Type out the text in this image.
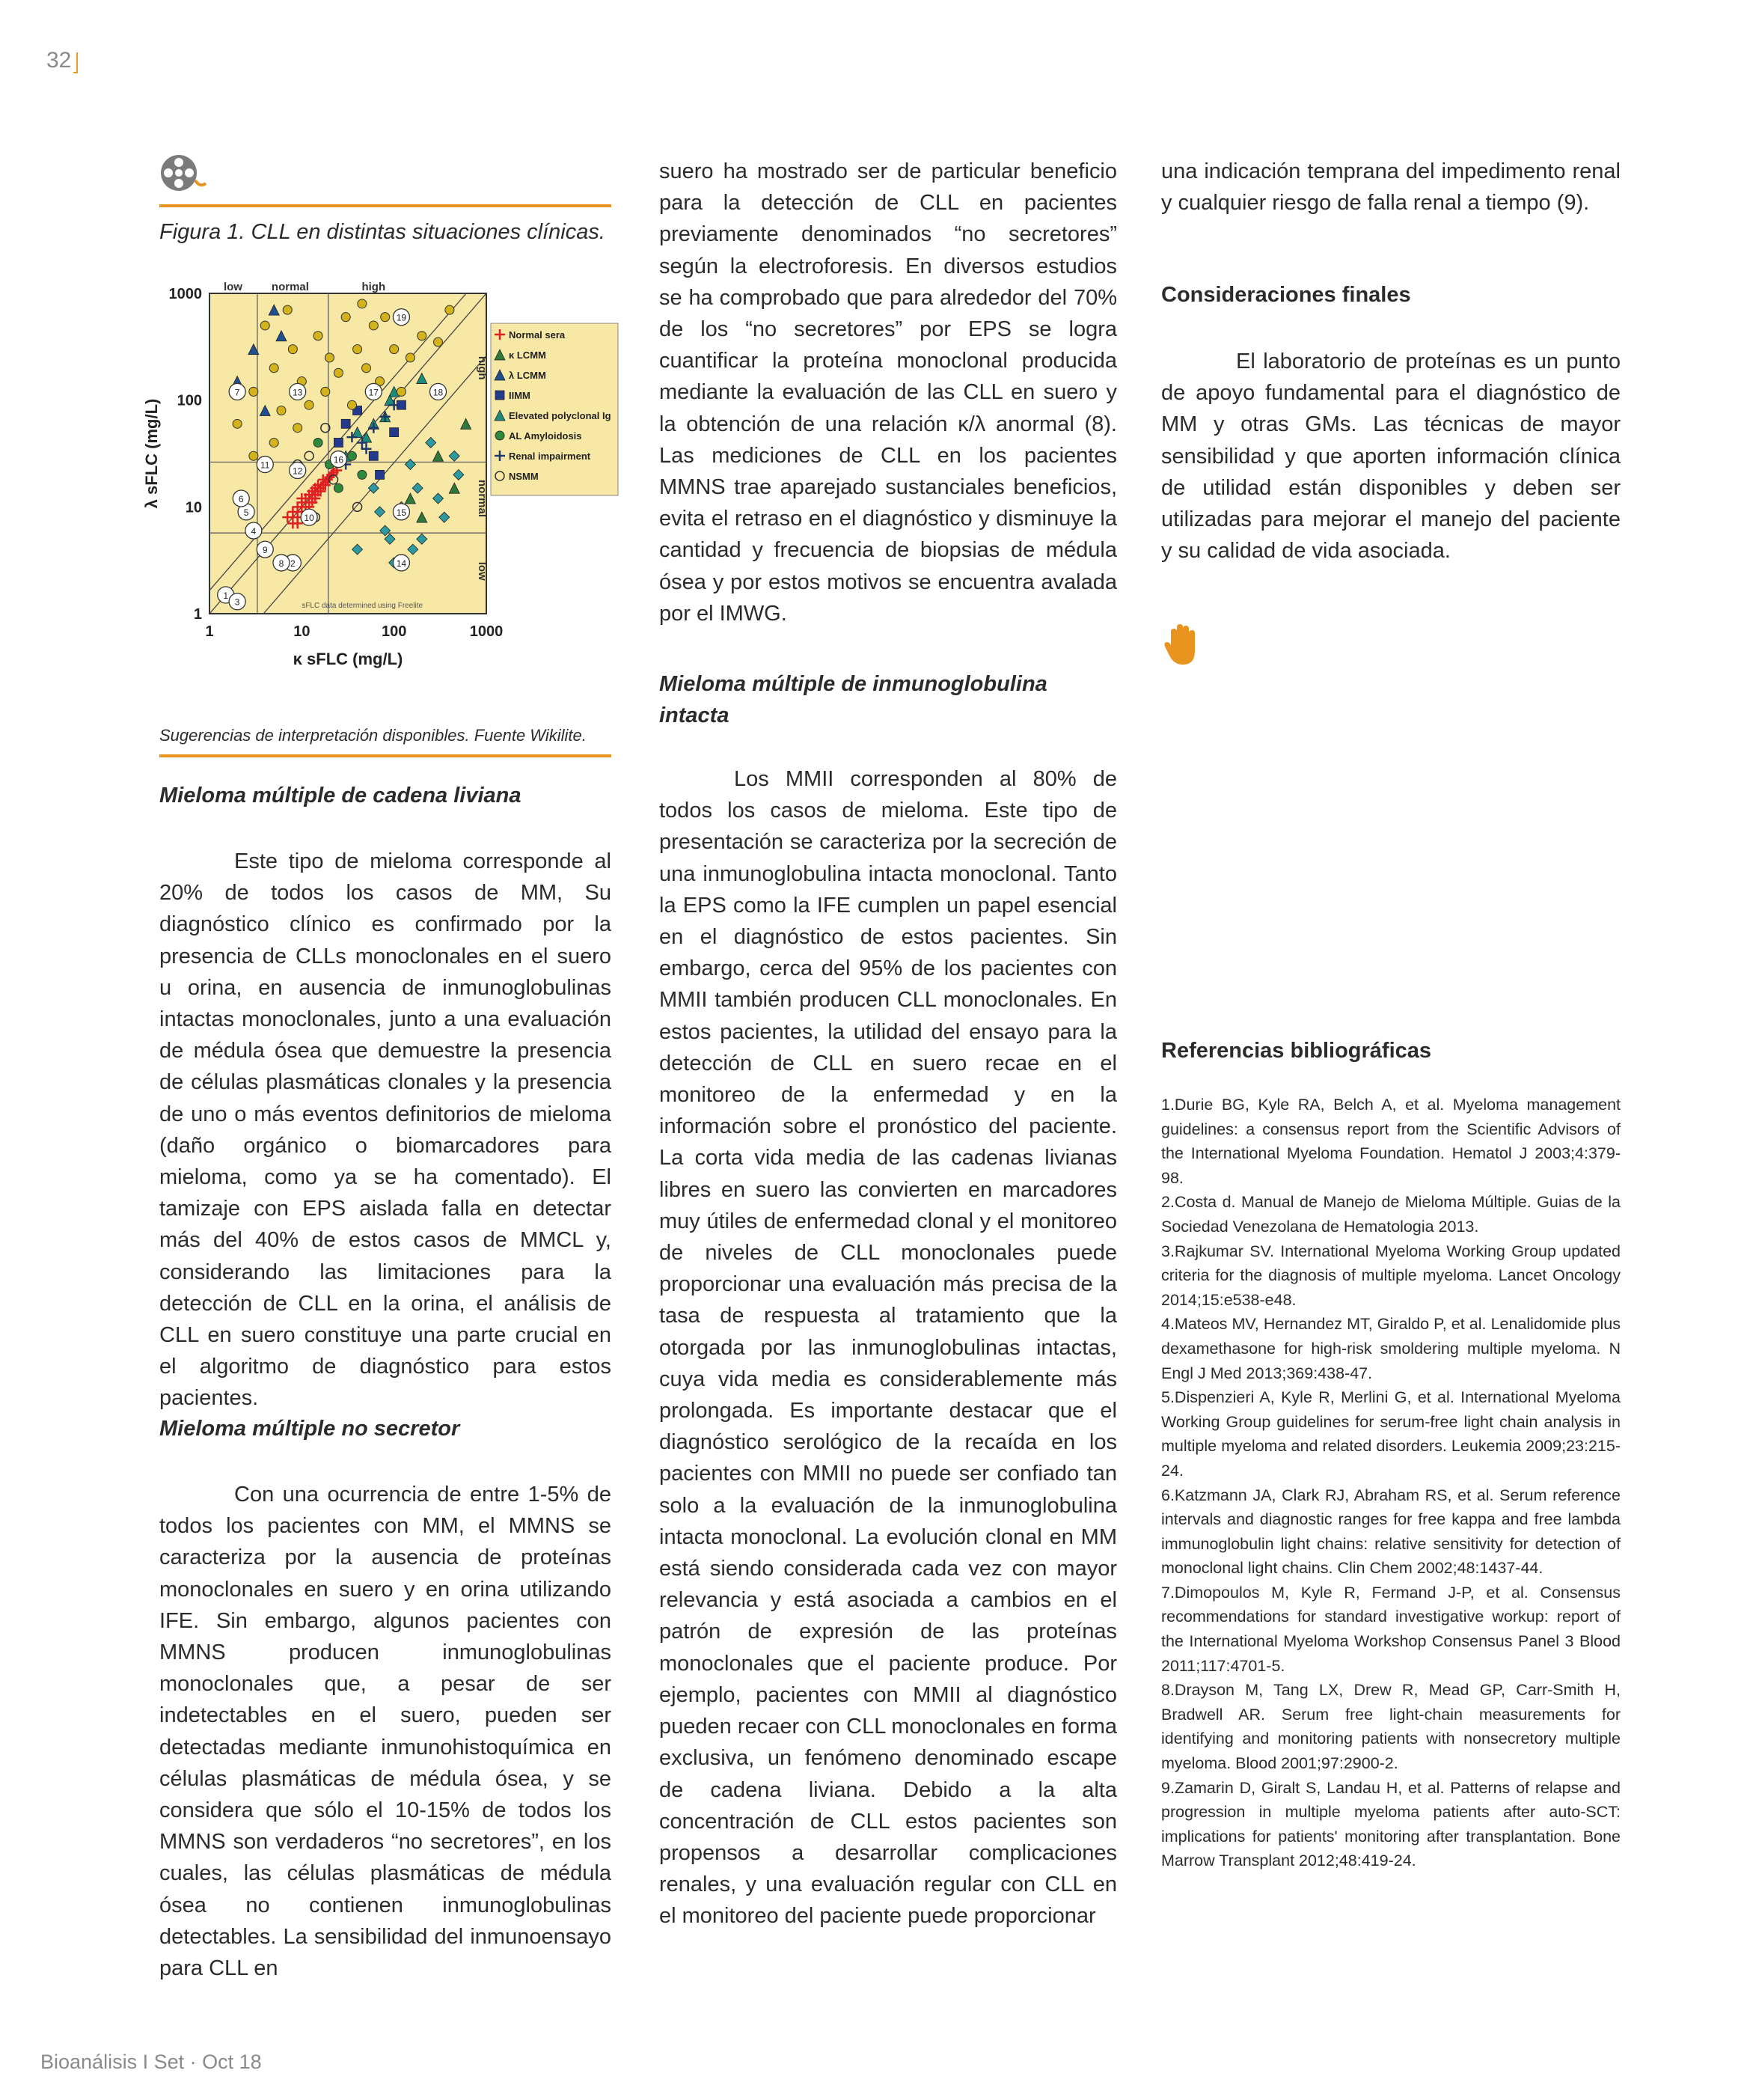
32
Figura 1. CLL en distintas situaciones clínicas.
1	10	100	1000
1
10
100
1000
κ sFLC (mg/L)
λ sFLC (mg/L)
low	normal	high
high
normal
low
1
2
3
4
5
6
7
8
9
10
11
12
13
14
15
16
17	18
19
sFLC data determined using Freelite
Normal sera
κ LCMM
λ LCMM
IIMM
Elevated polyclonal Ig
AL Amyloidosis
Renal impairment
NSMM
Sugerencias de interpretación disponibles. Fuente Wikilite.
Mieloma múltiple de cadena liviana
Este tipo de mieloma corresponde al 20% de todos los casos de MM, Su diagnóstico clínico es confirmado por la presencia de CLLs monoclonales en el suero u orina, en ausencia de inmunoglobulinas intactas monoclonales, junto a una evaluación de médula ósea que demuestre la presencia de células plasmáticas clonales y la presencia de uno o más eventos definitorios de mieloma (daño orgánico o biomarcadores para mieloma, como ya se ha comentado). El tamizaje con EPS aislada falla en detectar más del 40% de estos casos de MMCL y, considerando las limitaciones para la detección de CLL en la orina, el análisis de CLL en suero constituye una parte crucial en el algoritmo de diagnóstico para estos pacientes.
Mieloma múltiple no secretor
Con una ocurrencia de entre 1-5% de todos los pacientes con MM, el MMNS se caracteriza por la ausencia de proteínas monoclonales en suero y en orina utilizando IFE. Sin embargo, algunos pacientes con MMNS producen inmunoglobulinas monoclonales que, a pesar de ser indetectables en el suero, pueden ser detectadas mediante inmunohistoquímica en células plasmáticas de médula ósea, y se considera que sólo el 10-15% de todos los MMNS son verdaderos “no secretores”, en los cuales, las células plasmáticas de médula ósea no contienen inmunoglobulinas detectables. La sensibilidad del inmunoensayo para CLL en
suero ha mostrado ser de particular beneficio para la detección de CLL en pacientes previamente denominados “no secretores” según la electroforesis. En diversos estudios se ha comprobado que para alrededor del 70% de los “no secretores” por EPS se logra cuantificar la proteína monoclonal producida mediante la evaluación de las CLL en suero y la obtención de una relación κ/λ anormal (8). Las mediciones de CLL en los pacientes MMNS trae aparejado sustanciales beneficios, evita el retraso en el diagnóstico y disminuye la cantidad y frecuencia de biopsias de médula ósea y por estos motivos se encuentra avalada por el IMWG.
Mieloma múltiple de inmunoglobulina intacta
Los MMII corresponden al 80% de todos los casos de mieloma. Este tipo de presentación se caracteriza por la secreción de una inmunoglobulina intacta monoclonal. Tanto la EPS como la IFE cumplen un papel esencial en el diagnóstico de estos pacientes. Sin embargo, cerca del 95% de los pacientes con MMII también producen CLL monoclonales. En estos pacientes, la utilidad del ensayo para la detección de CLL en suero recae en el monitoreo de la enfermedad y en la información sobre el pronóstico del paciente. La corta vida media de las cadenas livianas libres en suero las convierten en marcadores muy útiles de enfermedad clonal y el monitoreo de niveles de CLL monoclonales puede proporcionar una evaluación más precisa de la tasa de respuesta al tratamiento que la otorgada por las inmunoglobulinas intactas, cuya vida media es considerablemente más prolongada. Es importante destacar que el diagnóstico serológico de la recaída en los pacientes con MMII no puede ser confiado tan solo a la evaluación de la inmunoglobulina intacta monoclonal. La evolución clonal en MM está siendo considerada cada vez con mayor relevancia y está asociada a cambios en el patrón de expresión de las proteínas monoclonales que el paciente produce. Por ejemplo, pacientes con MMII al diagnóstico pueden recaer con CLL monoclonales en forma exclusiva, un fenómeno denominado escape de cadena liviana. Debido a la alta concentración de CLL estos pacientes son propensos a desarrollar complicaciones renales, y una evaluación regular con CLL en el monitoreo del paciente puede proporcionar
una indicación temprana del impedimento renal y cualquier riesgo de falla renal a tiempo (9).
Consideraciones finales
El laboratorio de proteínas es un punto de apoyo fundamental para el diagnóstico de MM y otras GMs. Las técnicas de mayor sensibilidad y que aporten información clínica de utilidad están disponibles y deben ser utilizadas para mejorar el manejo del paciente y su calidad de vida asociada.
Referencias bibliográficas
1.Durie BG, Kyle RA, Belch A, et al. Myeloma management guidelines: a consensus report from the Scientific Advisors of the International Myeloma Foundation. Hematol J 2003;4:379-98.
2.Costa d. Manual de Manejo de Mieloma Múltiple. Guias de la Sociedad Venezolana de Hematologia 2013.
3.Rajkumar SV. International Myeloma Working Group updated criteria for the diagnosis of multiple myeloma. Lancet Oncology 2014;15:e538-e48.
4.Mateos MV, Hernandez MT, Giraldo P, et al. Lenalidomide plus dexamethasone for high-risk smoldering multiple myeloma. N Engl J Med 2013;369:438-47.
5.Dispenzieri A, Kyle R, Merlini G, et al. International Myeloma Working Group guidelines for serum-free light chain analysis in multiple myeloma and related disorders. Leukemia 2009;23:215-24.
6.Katzmann JA, Clark RJ, Abraham RS, et al. Serum reference intervals and diagnostic ranges for free kappa and free lambda immunoglobulin light chains: relative sensitivity for detection of monoclonal light chains. Clin Chem 2002;48:1437-44.
7.Dimopoulos M, Kyle R, Fermand J-P, et al. Consensus recommendations for standard investigative workup: report of the International Myeloma Workshop Consensus Panel 3 Blood 2011;117:4701-5.
8.Drayson M, Tang LX, Drew R, Mead GP, Carr-Smith H, Bradwell AR. Serum free light-chain measurements for identifying and monitoring patients with nonsecretory multiple myeloma. Blood 2001;97:2900-2.
9.Zamarin D, Giralt S, Landau H, et al. Patterns of relapse and progression in multiple myeloma patients after auto-SCT: implications for patients' monitoring after transplantation. Bone Marrow Transplant 2012;48:419-24.
Bioanálisis I Set · Oct 18
